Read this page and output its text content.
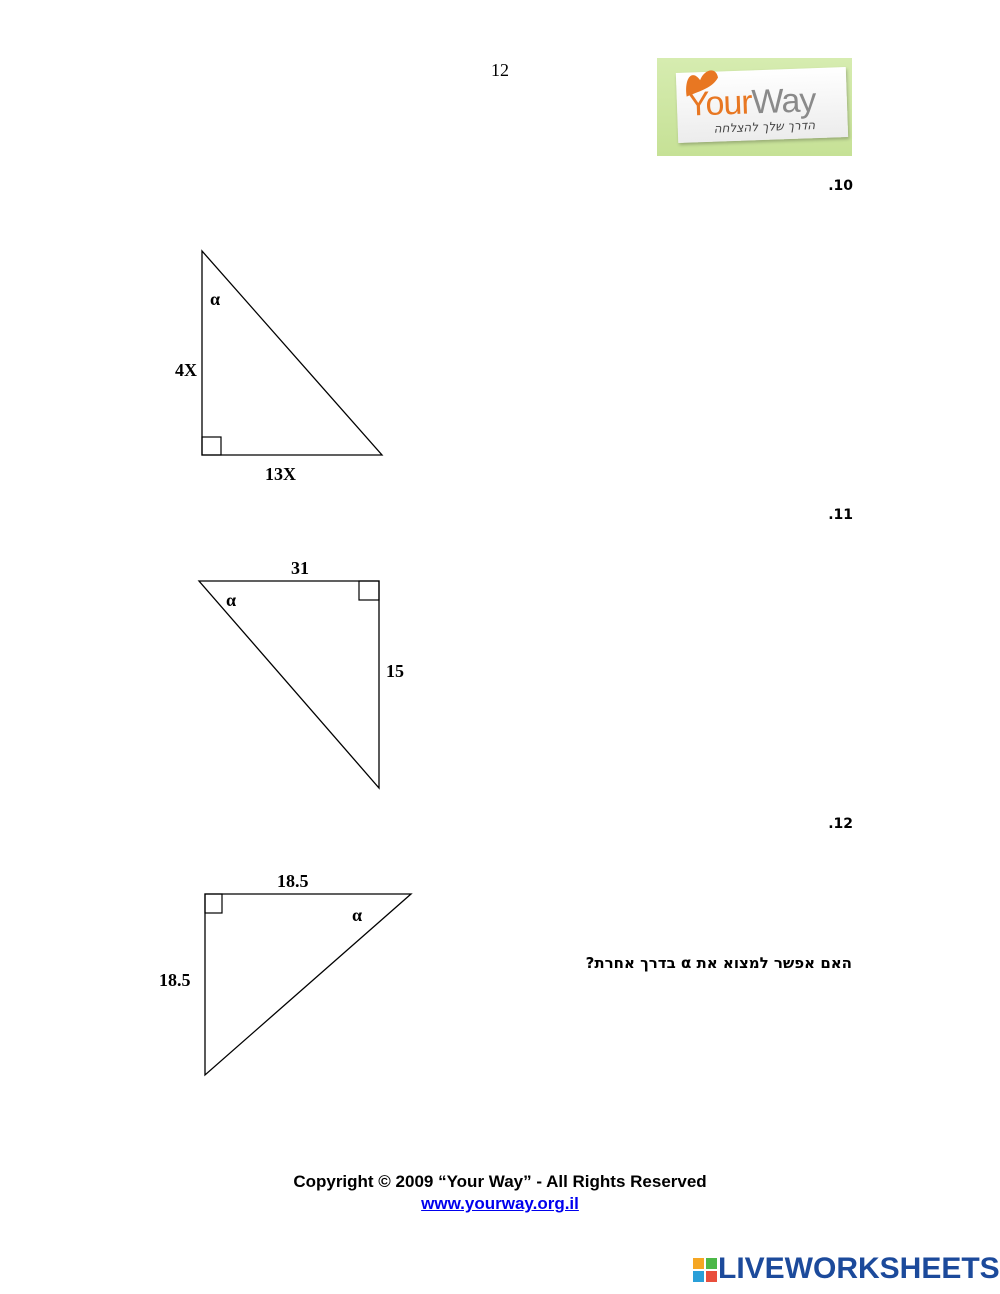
12
YourWay
הדרך שלך להצלחה
.10
α
4X
13X
.11
31
α
15
.12
18.5
α
18.5
האם אפשר למצוא את α בדרך אחרת?
Copyright © 2009 “Your Way” - All Rights Reserved
www.yourway.org.il
LIVEWORKSHEETS
